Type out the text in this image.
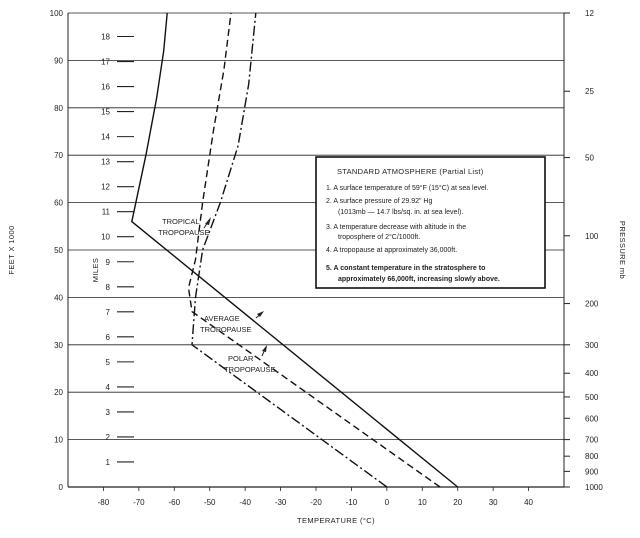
0
10
20
30
40
50
60
70
80
90
100
-80	-70	-60	-50	-40	-30	-20	-10	0	10	20	30	40
1
2
3
4
5
6
7
8
9
10
11
12
13
14
15
16
17
18
12
25
50
100
200
300
400
500
600
700
800
900
1000
FEET X 1000	MILES	PRESSURE mb
TEMPERATURE (°C)
TROPICAL
TROPOPAUSE
AVERAGE
TROPOPAUSE
POLAR
TROPOPAUSE
STANDARD ATMOSPHERE (Partial List)
1. A surface temperature of 59°F (15°C) at sea level.
2. A surface pressure of 29.92" Hg
(1013mb — 14.7 lbs/sq. in. at sea level).
3. A temperature decrease with altitude in the
troposphere of 2°C/1000ft.
4. A tropopause at approximately 36,000ft.
5. A constant temperature in the stratosphere to
approximately 66,000ft, increasing slowly above.
